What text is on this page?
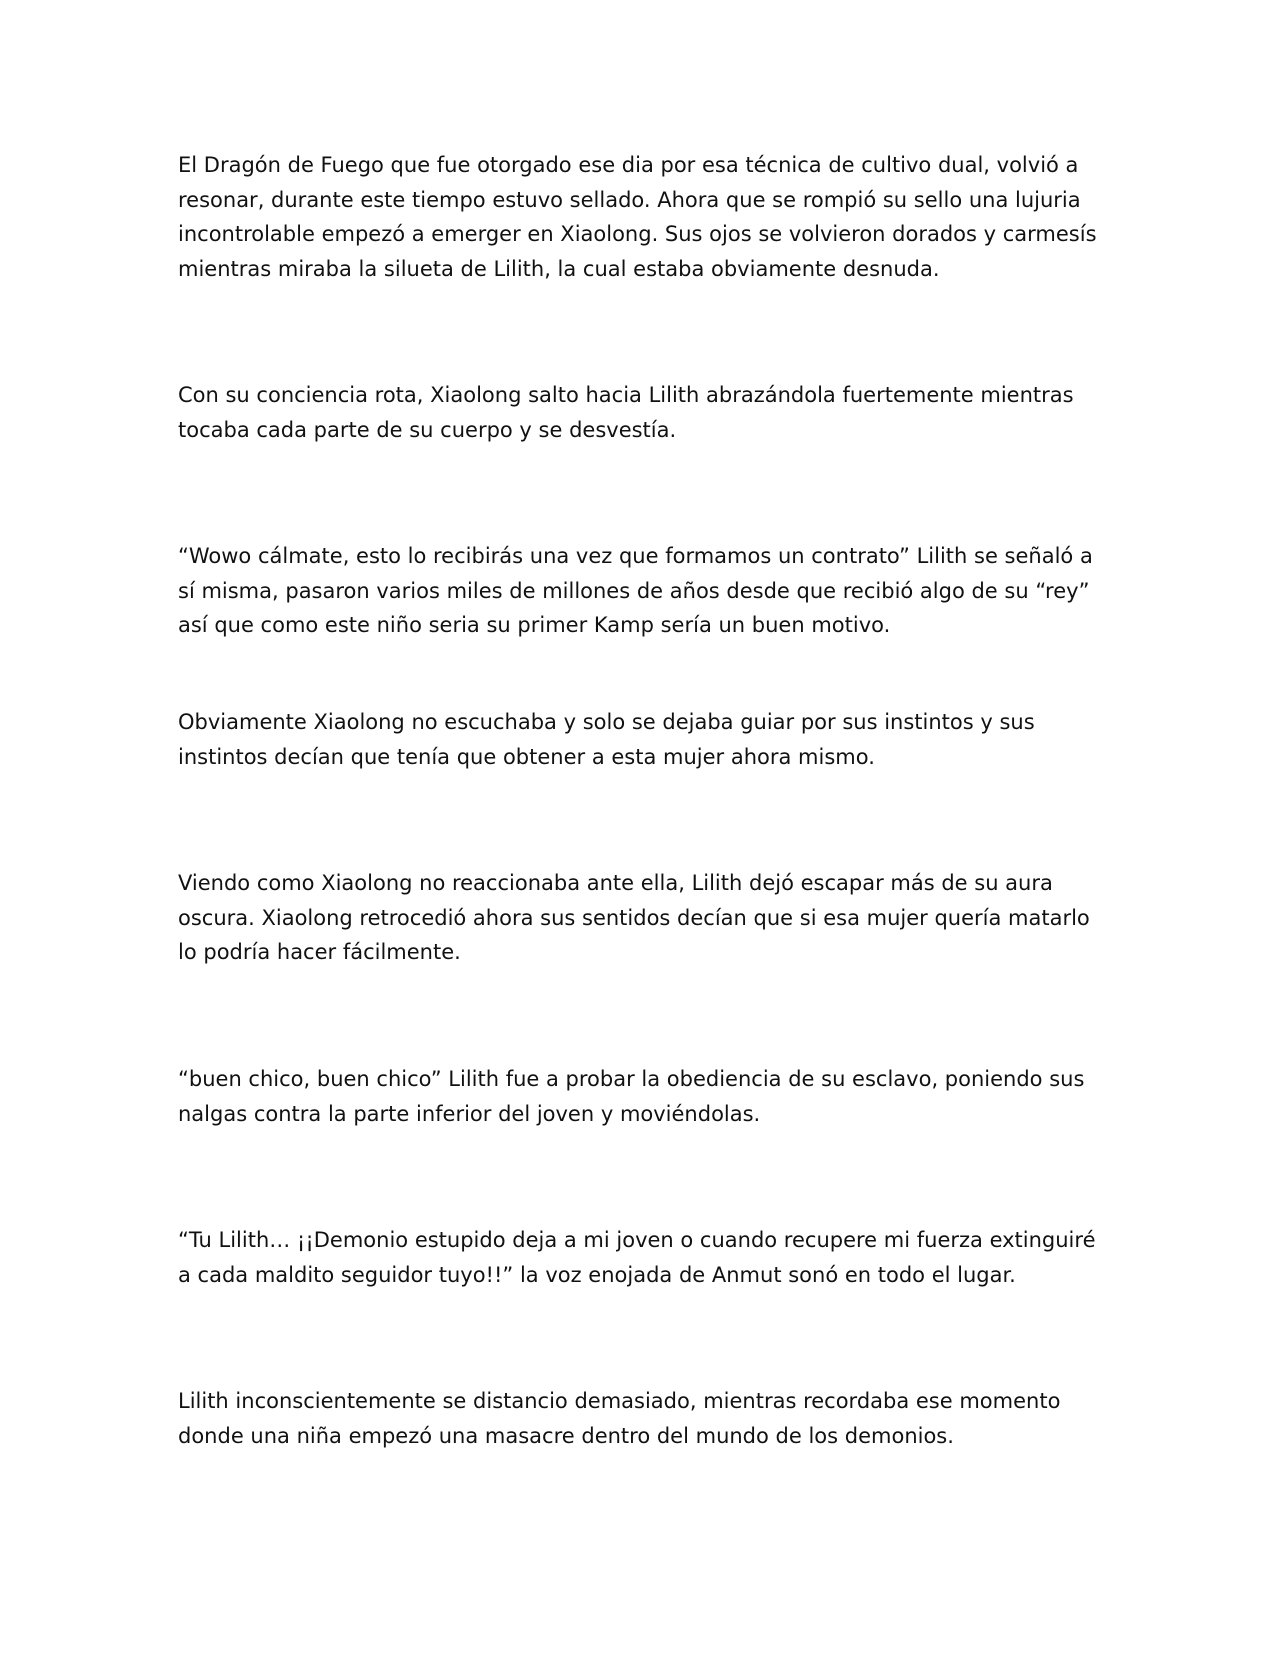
El Dragón de Fuego que fue otorgado ese dia por esa técnica de cultivo dual, volvió a resonar, durante este tiempo estuvo sellado. Ahora que se rompió su sello una lujuria incontrolable empezó a emerger en Xiaolong. Sus ojos se volvieron dorados y carmesís mientras miraba la silueta de Lilith, la cual estaba obviamente desnuda.

Con su conciencia rota, Xiaolong salto hacia Lilith abrazándola fuertemente mientras tocaba cada parte de su cuerpo y se desvestía.

“Wowo cálmate, esto lo recibirás una vez que formamos un contrato” Lilith se señaló a sí misma, pasaron varios miles de millones de años desde que recibió algo de su “rey” así que como este niño seria su primer Kamp sería un buen motivo.

Obviamente Xiaolong no escuchaba y solo se dejaba guiar por sus instintos y sus instintos decían que tenía que obtener a esta mujer ahora mismo.

Viendo como Xiaolong no reaccionaba ante ella, Lilith dejó escapar más de su aura oscura. Xiaolong retrocedió ahora sus sentidos decían que si esa mujer quería matarlo lo podría hacer fácilmente.

“buen chico, buen chico” Lilith fue a probar la obediencia de su esclavo, poniendo sus nalgas contra la parte inferior del joven y moviéndolas.

“Tu Lilith… ¡¡Demonio estupido deja a mi joven o cuando recupere mi fuerza extinguiré a cada maldito seguidor tuyo!!” la voz enojada de Anmut sonó en todo el lugar.

Lilith inconscientemente se distancio demasiado, mientras recordaba ese momento donde una niña empezó una masacre dentro del mundo de los demonios.
